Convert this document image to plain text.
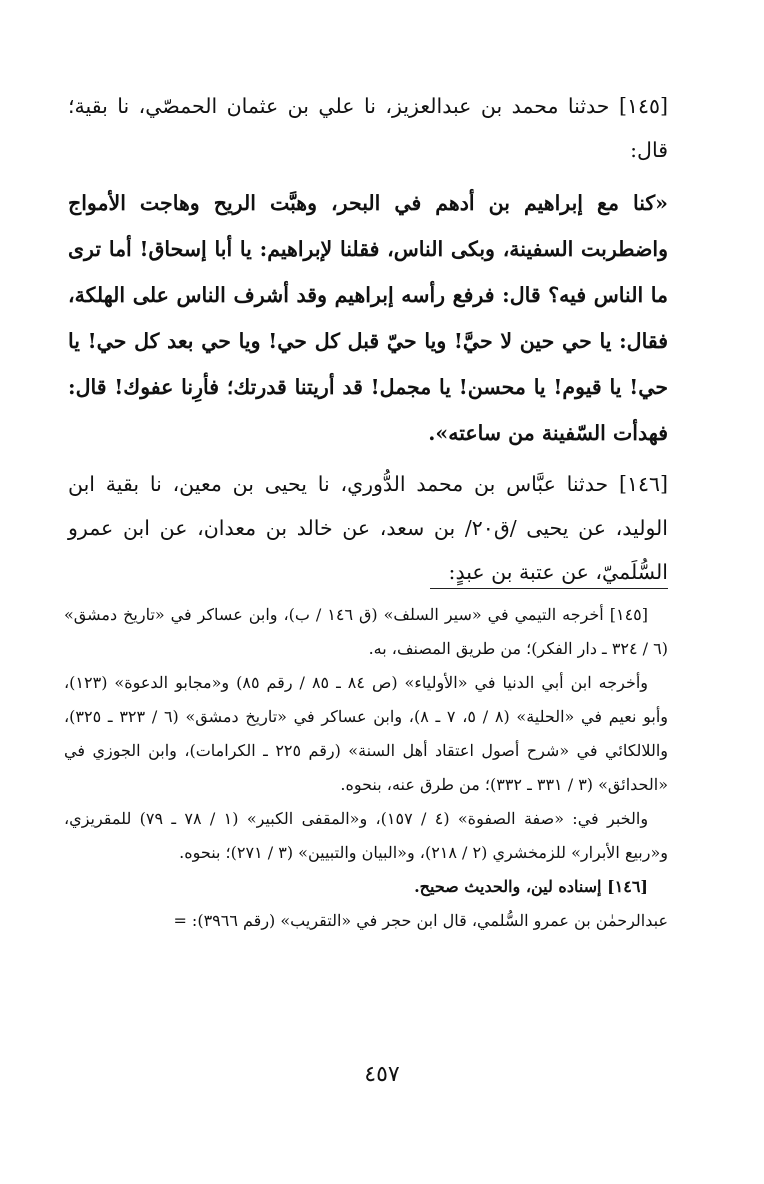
[١٤٥] حدثنا محمد بن عبدالعزيز، نا علي بن عثمان الحمصّي، نا بقية؛ قال:

«كنا مع إبراهيم بن أدهم في البحر، وهبَّت الريح وهاجت الأمواج واضطربت السفينة، وبكى الناس، فقلنا لإبراهيم: يا أبا إسحاق! أما ترى ما الناس فيه؟ قال: فرفع رأسه إبراهيم وقد أشرف الناس على الهلكة، فقال: يا حي حين لا حيَّ! ويا حيّ قبل كل حي! ويا حي بعد كل حي! يا حي! يا قيوم! يا محسن! يا مجمل! قد أريتنا قدرتك؛ فأرِنا عفوك! قال: فهدأت السّفينة من ساعته».

[١٤٦] حدثنا عبَّاس بن محمد الدُّوري، نا يحيى بن معين، نا بقية ابن الوليد، عن يحيى /ق٢٠/ بن سعد، عن خالد بن معدان، عن ابن عمرو السُّلَميّ، عن عتبة بن عبدٍ:

[١٤٥] أخرجه التيمي في «سير السلف» (ق ١٤٦ / ب)، وابن عساكر في «تاريخ دمشق» (٦ / ٣٢٤ ـ دار الفكر)؛ من طريق المصنف، به.

وأخرجه ابن أبي الدنيا في «الأولياء» (ص ٨٤ ـ ٨٥ / رقم ٨٥) و«مجابو الدعوة» (١٢٣)، وأبو نعيم في «الحلية» (٨ / ٥، ٧ ـ ٨)، وابن عساكر في «تاريخ دمشق» (٦ / ٣٢٣ ـ ٣٢٥)، واللالكائي في «شرح أصول اعتقاد أهل السنة» (رقم ٢٢٥ ـ الكرامات)، وابن الجوزي في «الحدائق» (٣ / ٣٣١ ـ ٣٣٢)؛ من طرق عنه، بنحوه.

والخبر في: «صفة الصفوة» (٤ / ١٥٧)، و«المقفى الكبير» (١ / ٧٨ ـ ٧٩) للمقريزي، و«ربيع الأبرار» للزمخشري (٢ / ٢١٨)، و«البيان والتبيين» (٣ / ٢٧١)؛ بنحوه.

[١٤٦] إسناده لين، والحديث صحيح.

عبدالرحمٰن بن عمرو السُّلمي، قال ابن حجر في «التقريب» (رقم ٣٩٦٦): =

٤٥٧
